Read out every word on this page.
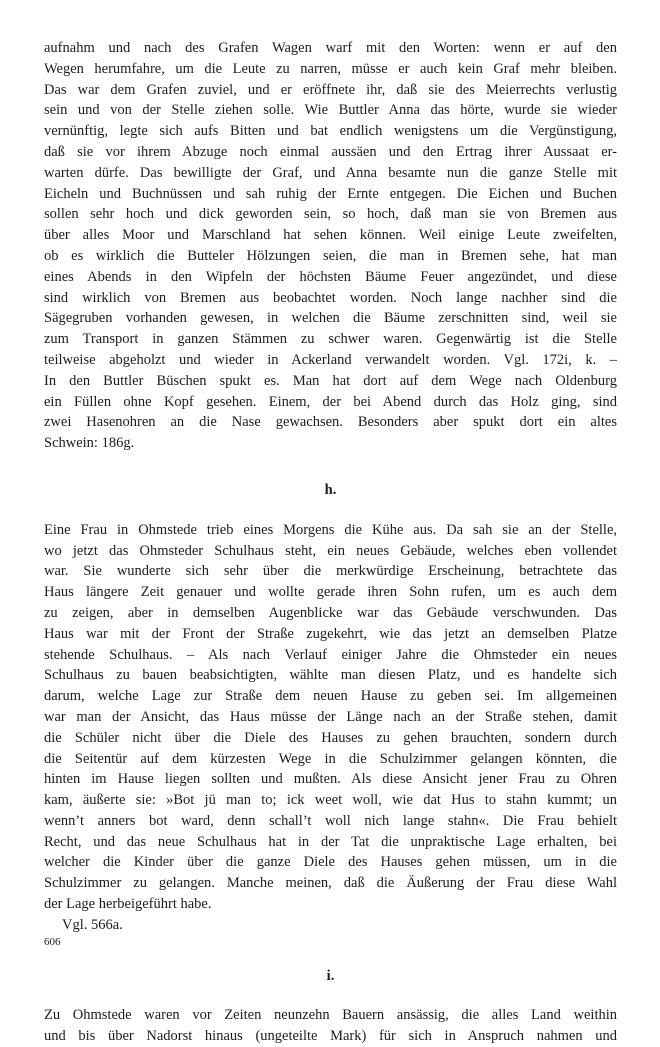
aufnahm und nach des Grafen Wagen warf mit den Worten: wenn er auf den
Wegen herumfahre, um die Leute zu narren, müsse er auch kein Graf mehr bleiben.
Das war dem Grafen zuviel, und er eröffnete ihr, daß sie des Meierrechts verlustig
sein und von der Stelle ziehen solle. Wie Buttler Anna das hörte, wurde sie wieder
vernünftig, legte sich aufs Bitten und bat endlich wenigstens um die Vergünstigung,
daß sie vor ihrem Abzuge noch einmal aussäen und den Ertrag ihrer Aussaat er-
warten dürfe. Das bewilligte der Graf, und Anna besamte nun die ganze Stelle mit
Eicheln und Buchnüssen und sah ruhig der Ernte entgegen. Die Eichen und Buchen
sollen sehr hoch und dick geworden sein, so hoch, daß man sie von Bremen aus
über alles Moor und Marschland hat sehen können. Weil einige Leute zweifelten,
ob es wirklich die Butteler Hölzungen seien, die man in Bremen sehe, hat man
eines Abends in den Wipfeln der höchsten Bäume Feuer angezündet, und diese
sind wirklich von Bremen aus beobachtet worden. Noch lange nachher sind die
Sägegruben vorhanden gewesen, in welchen die Bäume zerschnitten sind, weil sie
zum Transport in ganzen Stämmen zu schwer waren. Gegenwärtig ist die Stelle
teilweise abgeholzt und wieder in Ackerland verwandelt worden. Vgl. 172i, k. –
In den Buttler Büschen spukt es. Man hat dort auf dem Wege nach Oldenburg
ein Füllen ohne Kopf gesehen. Einem, der bei Abend durch das Holz ging, sind
zwei Hasenohren an die Nase gewachsen. Besonders aber spukt dort ein altes
Schwein: 186g.

h.

Eine Frau in Ohmstede trieb eines Morgens die Kühe aus. Da sah sie an der Stelle,
wo jetzt das Ohmsteder Schulhaus steht, ein neues Gebäude, welches eben vollendet
war. Sie wunderte sich sehr über die merkwürdige Erscheinung, betrachtete das
Haus längere Zeit genauer und wollte gerade ihren Sohn rufen, um es auch dem
zu zeigen, aber in demselben Augenblicke war das Gebäude verschwunden. Das
Haus war mit der Front der Straße zugekehrt, wie das jetzt an demselben Platze
stehende Schulhaus. – Als nach Verlauf einiger Jahre die Ohmsteder ein neues
Schulhaus zu bauen beabsichtigten, wählte man diesen Platz, und es handelte sich
darum, welche Lage zur Straße dem neuen Hause zu geben sei. Im allgemeinen
war man der Ansicht, das Haus müsse der Länge nach an der Straße stehen, damit
die Schüler nicht über die Diele des Hauses zu gehen brauchten, sondern durch
die Seitentür auf dem kürzesten Wege in die Schulzimmer gelangen könnten, die
hinten im Hause liegen sollten und mußten. Als diese Ansicht jener Frau zu Ohren
kam, äußerte sie: »Bot jü man to; ick weet woll, wie dat Hus to stahn kummt; un
wenn’t anners bot ward, denn schall’t woll nich lange stahn«. Die Frau behielt
Recht, und das neue Schulhaus hat in der Tat die unpraktische Lage erhalten, bei
welcher die Kinder über die ganze Diele des Hauses gehen müssen, um in die
Schulzimmer zu gelangen. Manche meinen, daß die Äußerung der Frau diese Wahl
der Lage herbeigeführt habe.

Vgl. 566a.

i.

Zu Ohmstede waren vor Zeiten neunzehn Bauern ansässig, die alles Land weithin
und bis über Nadorst hinaus (ungeteilte Mark) für sich in Anspruch nahmen und

606
